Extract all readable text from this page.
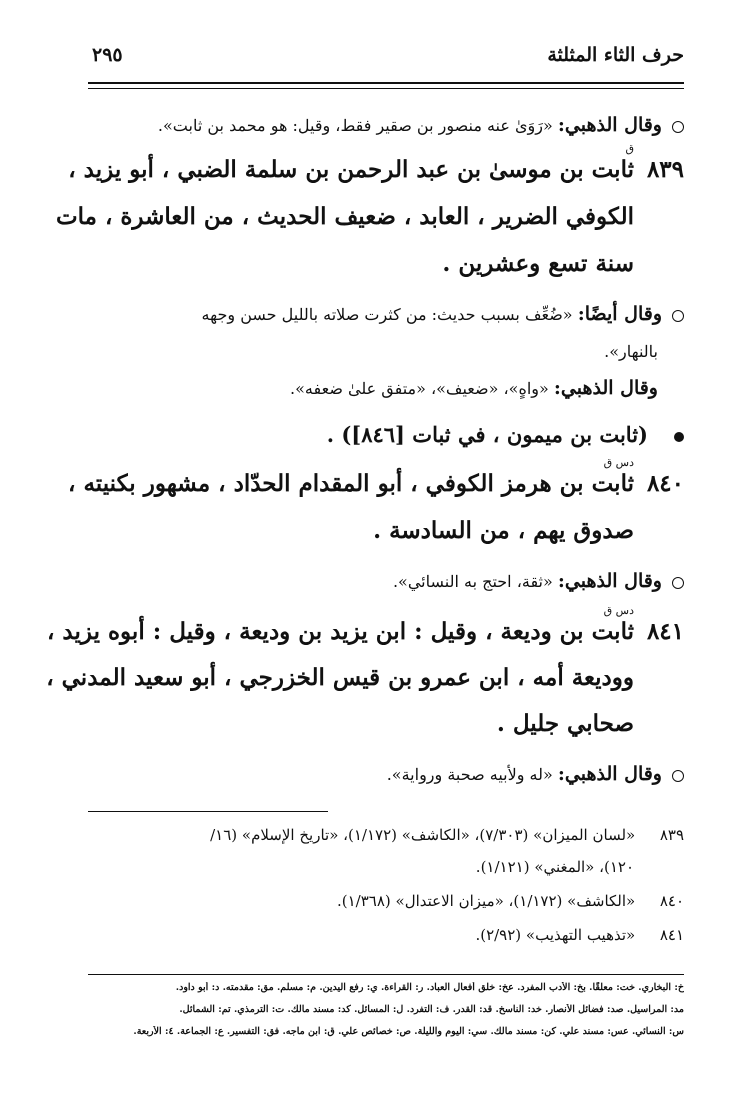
حرف الثاء المثلثة
٢٩٥
وقال الذهبي: «رَوَىٰ عنه منصور بن صقير فقط، وقيل: هو محمد بن ثابت».
ق
٨٣٩ثابت بن موسىٰ بن عبد الرحمن بن سلمة الضبي ، أبو يزيد ،
الكوفي الضرير ، العابد ، ضعيف الحديث ، من العاشرة ، مات
سنة تسع وعشرين .
وقال أيضًا: «ضُعِّف بسبب حديث: من كثرت صلاته بالليل حسن وجهه
بالنهار».
وقال الذهبي: «واهٍ»، «ضعيف»، «متفق علىٰ ضعفه».
(ثابت بن ميمون ، في ثبات [٨٤٦]) .
دس ق
٨٤٠ثابت بن هرمز الكوفي ، أبو المقدام الحدّاد ، مشهور بكنيته ،
صدوق يهم ، من السادسة .
وقال الذهبي: «ثقة، احتج به النسائي».
دس ق
٨٤١ثابت بن وديعة ، وقيل : ابن يزيد بن وديعة ، وقيل : أبوه يزيد ،
ووديعة أمه ، ابن عمرو بن قيس الخزرجي ، أبو سعيد المدني ،
صحابي جليل .
وقال الذهبي: «له ولأبيه صحبة ورواية».
٨٣٩ «لسان الميزان» (٧/٣٠٣)، «الكاشف» (١/١٧٢)، «تاريخ الإسلام» (١٦/
١٢٠)، «المغني» (١/١٢١).
٨٤٠ «الكاشف» (١/١٧٢)، «ميزان الاعتدال» (١/٣٦٨).
٨٤١ «تذهيب التهذيب» (٢/٩٢).
خ: البخاري. خت: معلقًا. بخ: الأدب المفرد. عخ: خلق أفعال العباد. ر: القراءة. ي: رفع اليدين. م: مسلم. مق: مقدمته. د: أبو داود.
مد: المراسيل. صد: فضائل الأنصار. خد: الناسخ. قد: القدر. ف: التفرد. ل: المسائل. كد: مسند مالك. ت: الترمذي. تم: الشمائل.
س: النسائي. عس: مسند علي. كن: مسند مالك. سي: اليوم والليلة. ص: خصائص علي. ق: ابن ماجه. فق: التفسير. ع: الجماعة. ٤: الأربعة.
